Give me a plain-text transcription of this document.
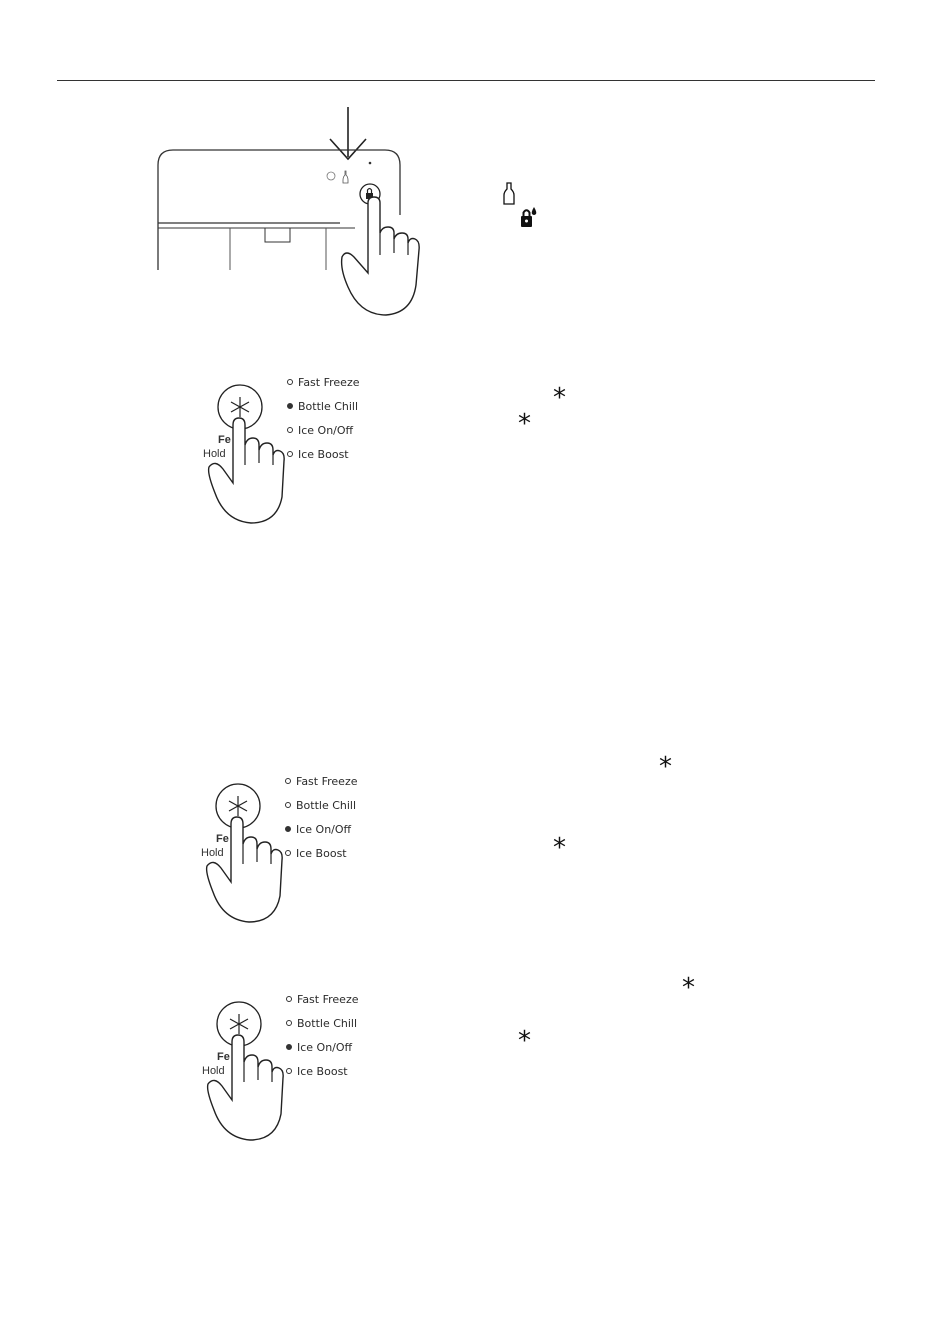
Fe
Hold
Fast Freeze
Bottle Chill
Ice On/Off
Ice Boost
*
*
Fe
Hold
Fast Freeze
Bottle Chill
Ice On/Off
Ice Boost
*
*
Fe
Hold
Fast Freeze
Bottle Chill
Ice On/Off
Ice Boost
*
*
